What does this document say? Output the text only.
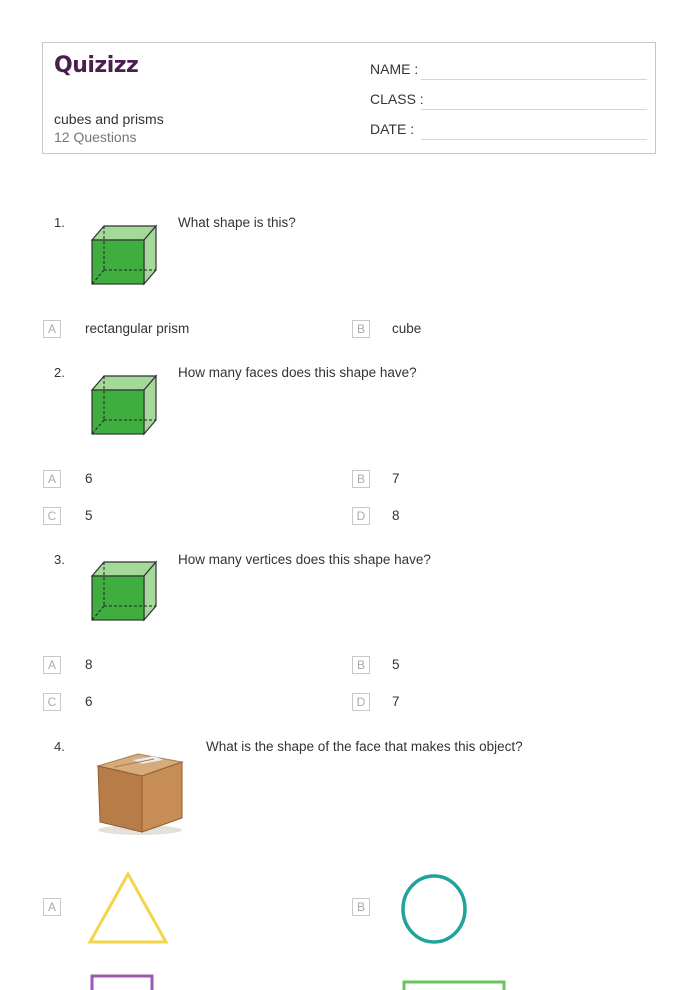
Quizizz
cubes and prisms
12 Questions
NAME :
CLASS :
DATE :
1.	What shape is this?
A	rectangular prism	B	cube
2.	How many faces does this shape have?
A	6	B	7
C	5	D	8
3.	How many vertices does this shape have?
A	8	B	5
C	6	D	7
4.	What is the shape of the face that makes this object?
A	B
